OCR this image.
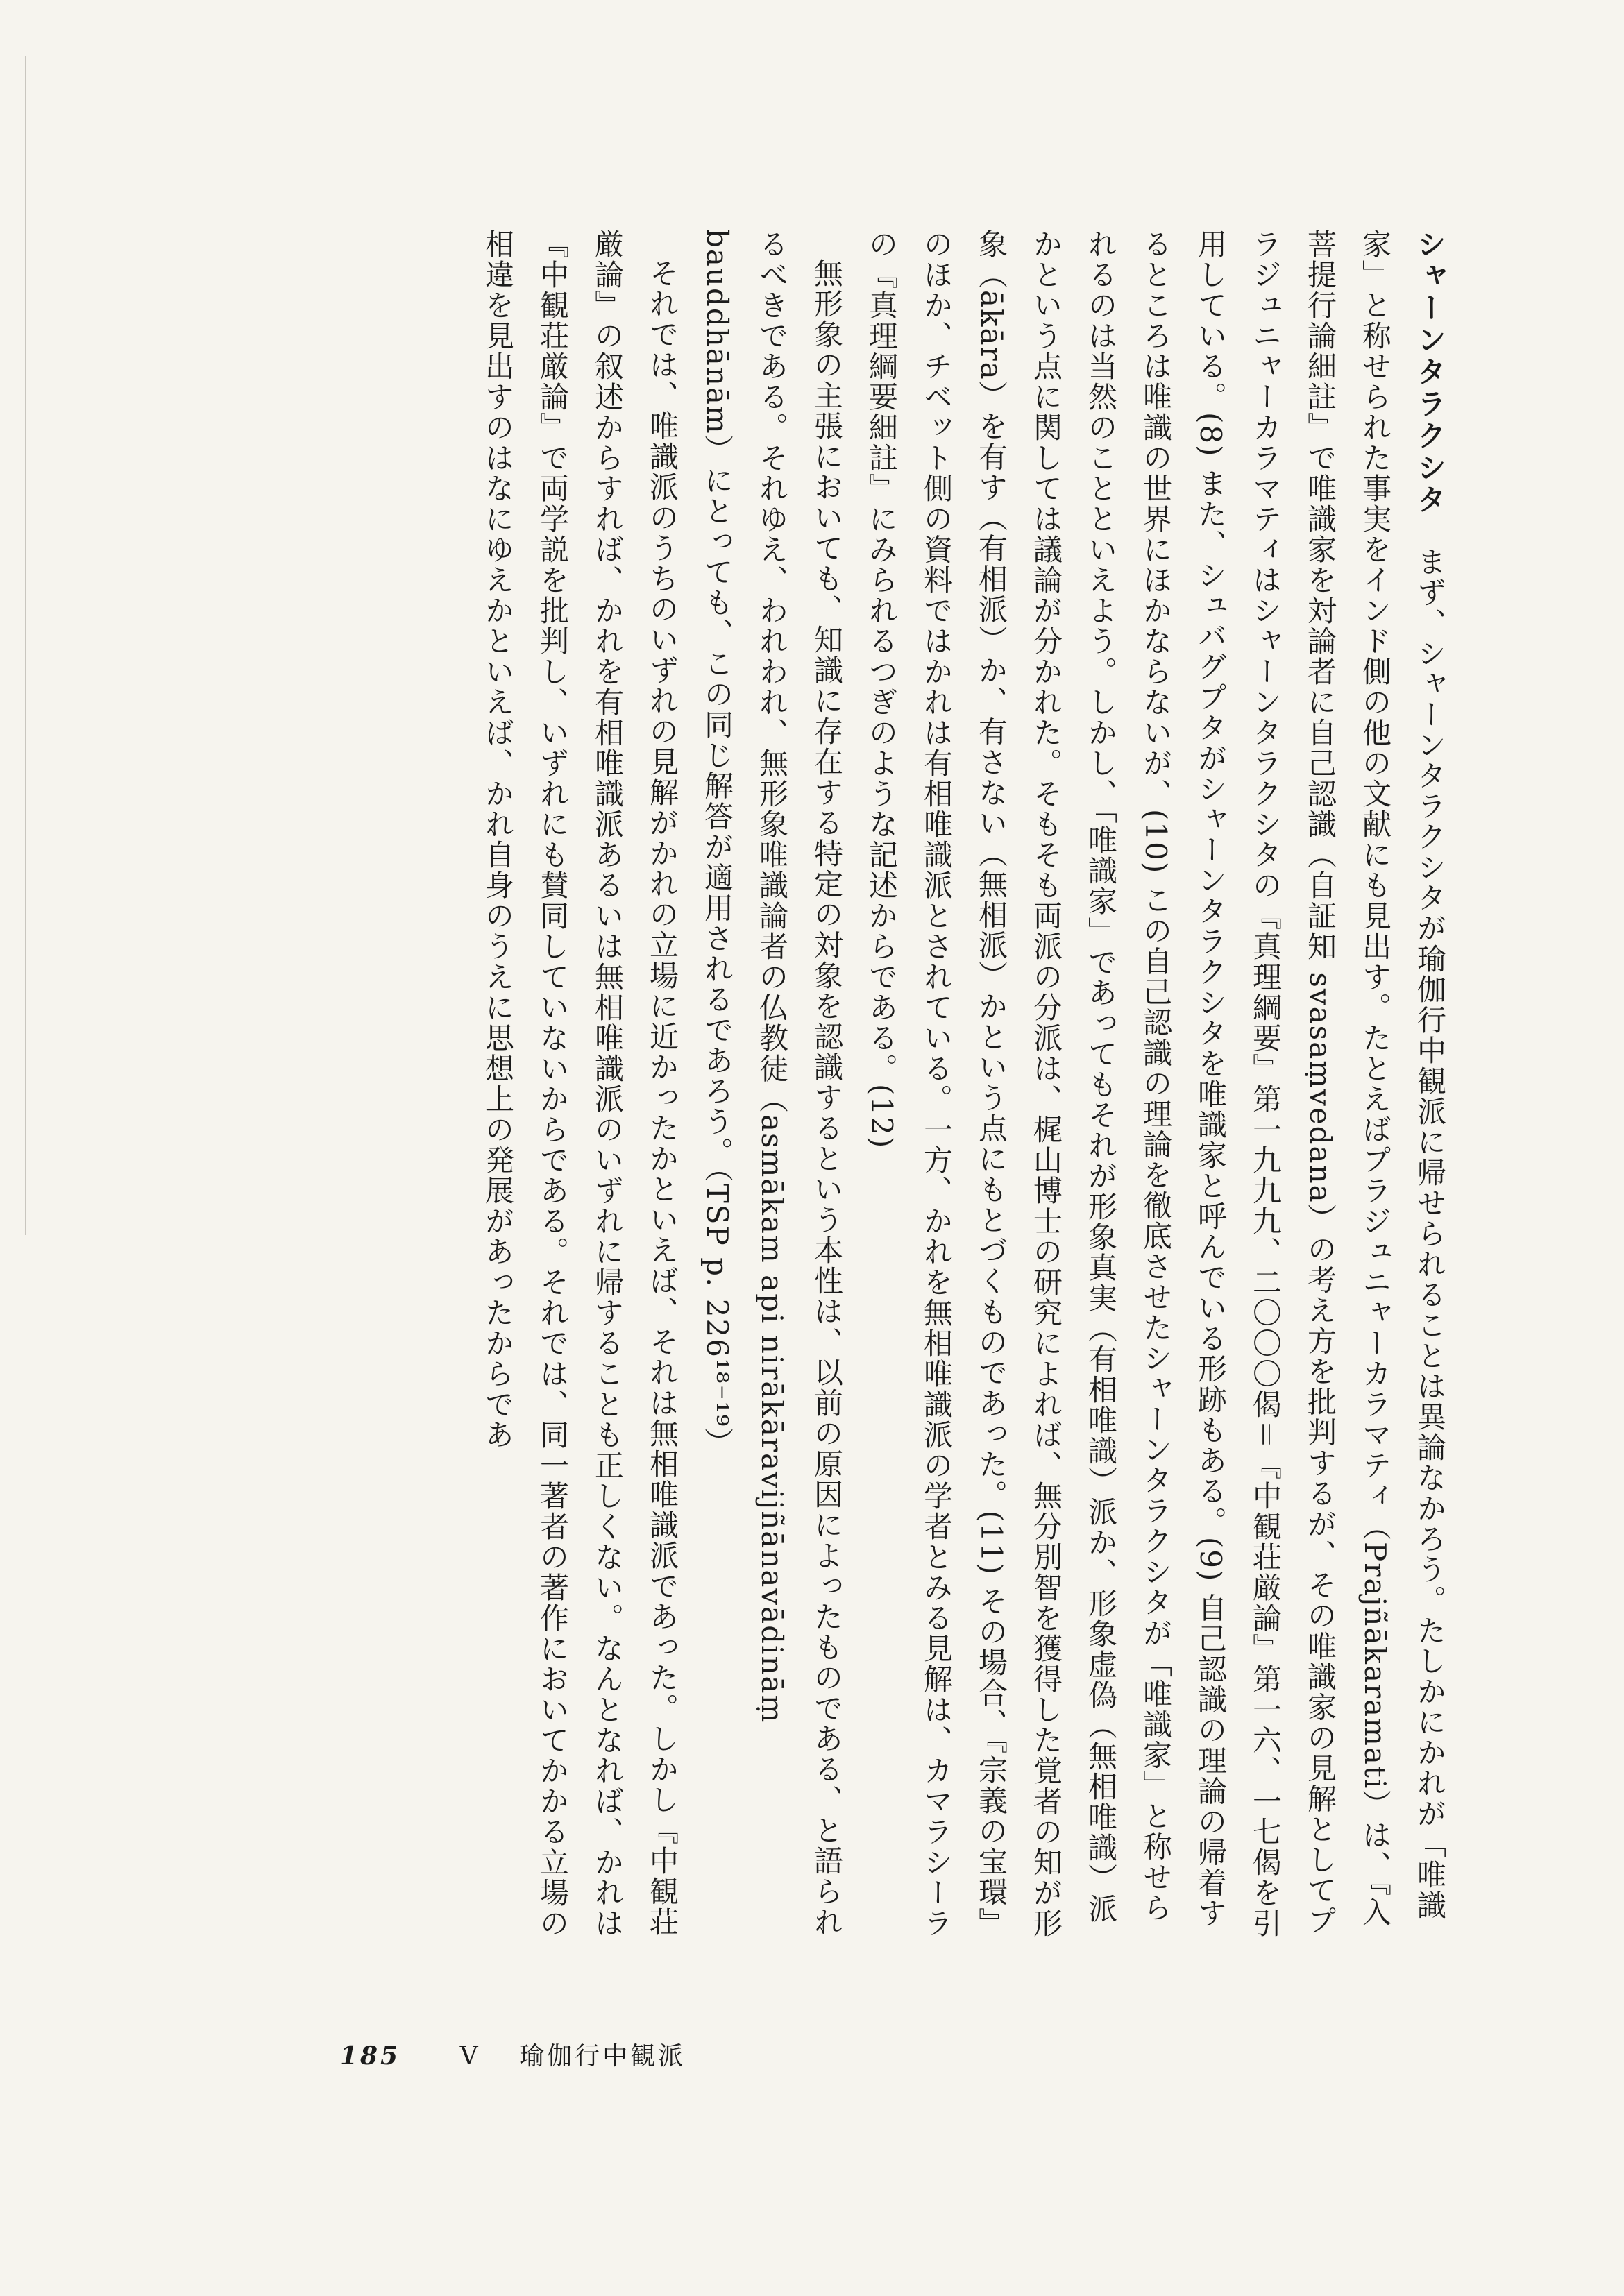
シャーンタラクシタ　まず、シャーンタラクシタが瑜伽行中観派に帰せられることは異論なかろう。たしかにかれが「唯識家」と称せられた事実をインド側の他の文献にも見出す。たとえばプラジュニャーカラマティ（Prajñākaramati）は、『入菩提行論細註』で唯識家を対論者に自己認識（自証知 svasaṃvedana）の考え方を批判するが、その唯識家の見解としてプラジュニャーカラマティはシャーンタラクシタの『真理綱要』第一九九九、二〇〇〇偈＝『中観荘厳論』第一六、一七偈を引用している。(8) また、シュバグプタがシャーンタラクシタを唯識家と呼んでいる形跡もある。(9) 自己認識の理論の帰着するところは唯識の世界にほかならないが、(10) この自己認識の理論を徹底させたシャーンタラクシタが「唯識家」と称せられるのは当然のことといえよう。しかし、「唯識家」であってもそれが形象真実（有相唯識）派か、形象虚偽（無相唯識）派かという点に関しては議論が分かれた。そもそも両派の分派は、梶山博士の研究によれば、無分別智を獲得した覚者の知が形象（ākāra）を有す（有相派）か、有さない（無相派）かという点にもとづくものであった。(11) その場合、『宗義の宝環』のほか、チベット側の資料ではかれは有相唯識派とされている。一方、かれを無相唯識派の学者とみる見解は、カマラシーラの『真理綱要細註』にみられるつぎのような記述からである。(12)

無形象の主張においても、知識に存在する特定の対象を認識するという本性は、以前の原因によったものである、と語られるべきである。それゆえ、われわれ、無形象唯識論者の仏教徒（asmākam api nirākāravijñānavādināṃ bauddhānām）にとっても、この同じ解答が適用されるであろう。（TSP p. 226¹⁸⁻¹⁹）

それでは、唯識派のうちのいずれの見解がかれの立場に近かったかといえば、それは無相唯識派であった。しかし『中観荘厳論』の叙述からすれば、かれを有相唯識派あるいは無相唯識派のいずれに帰することも正しくない。なんとなれば、かれは『中観荘厳論』で両学説を批判し、いずれにも賛同していないからである。それでは、同一著者の著作においてかかる立場の相違を見出すのはなにゆえかといえば、かれ自身のうえに思想上の発展があったからであ

185 V 瑜伽行中観派
